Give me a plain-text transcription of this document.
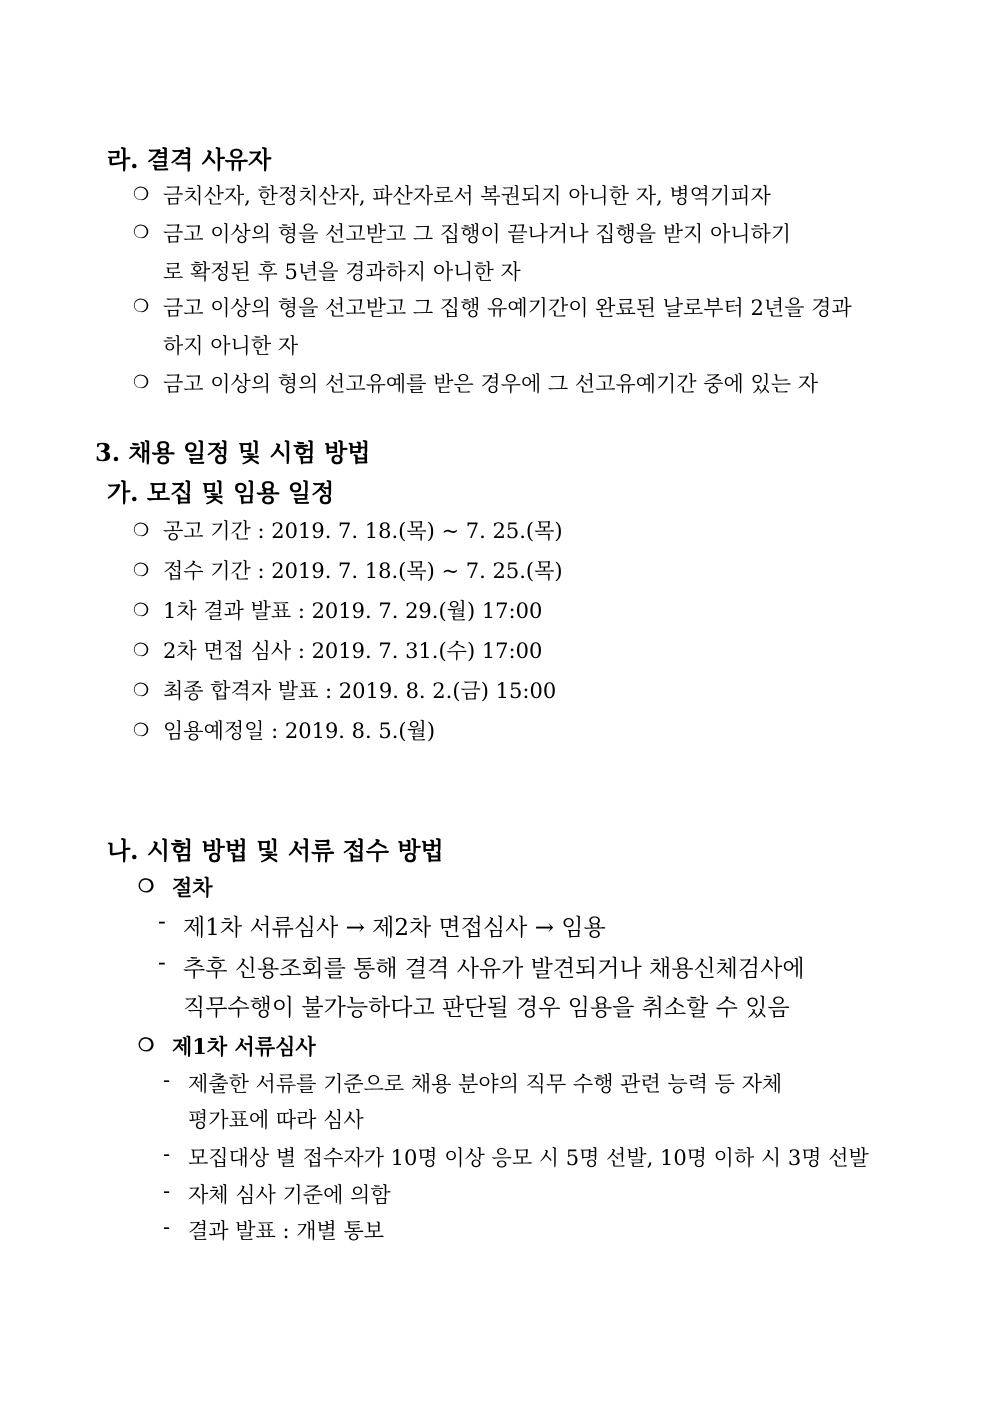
라. 결격 사유자
❍ 금치산자, 한정치산자, 파산자로서 복권되지 아니한 자, 병역기피자
❍ 금고 이상의 형을 선고받고 그 집행이 끝나거나 집행을 받지 아니하기
로 확정된 후 5년을 경과하지 아니한 자
❍ 금고 이상의 형을 선고받고 그 집행 유예기간이 완료된 날로부터 2년을 경과
하지 아니한 자
❍ 금고 이상의 형의 선고유예를 받은 경우에 그 선고유예기간 중에 있는 자
3. 채용 일정 및 시험 방법
가. 모집 및 임용 일정
❍ 공고 기간 : 2019. 7. 18.(목) ~ 7. 25.(목)
❍ 접수 기간 : 2019. 7. 18.(목) ~ 7. 25.(목)
❍ 1차 결과 발표 : 2019. 7. 29.(월) 17:00
❍ 2차 면접 심사 : 2019. 7. 31.(수) 17:00
❍ 최종 합격자 발표 : 2019. 8. 2.(금) 15:00
❍ 임용예정일 : 2019. 8. 5.(월)
나. 시험 방법 및 서류 접수 방법
❍ 절차
- 제1차 서류심사 → 제2차 면접심사 → 임용
- 추후 신용조회를 통해 결격 사유가 발견되거나 채용신체검사에
직무수행이 불가능하다고 판단될 경우 임용을 취소할 수 있음
❍ 제1차 서류심사
- 제출한 서류를 기준으로 채용 분야의 직무 수행 관련 능력 등 자체
평가표에 따라 심사
- 모집대상 별 접수자가 10명 이상 응모 시 5명 선발, 10명 이하 시 3명 선발
- 자체 심사 기준에 의함
- 결과 발표 : 개별 통보
